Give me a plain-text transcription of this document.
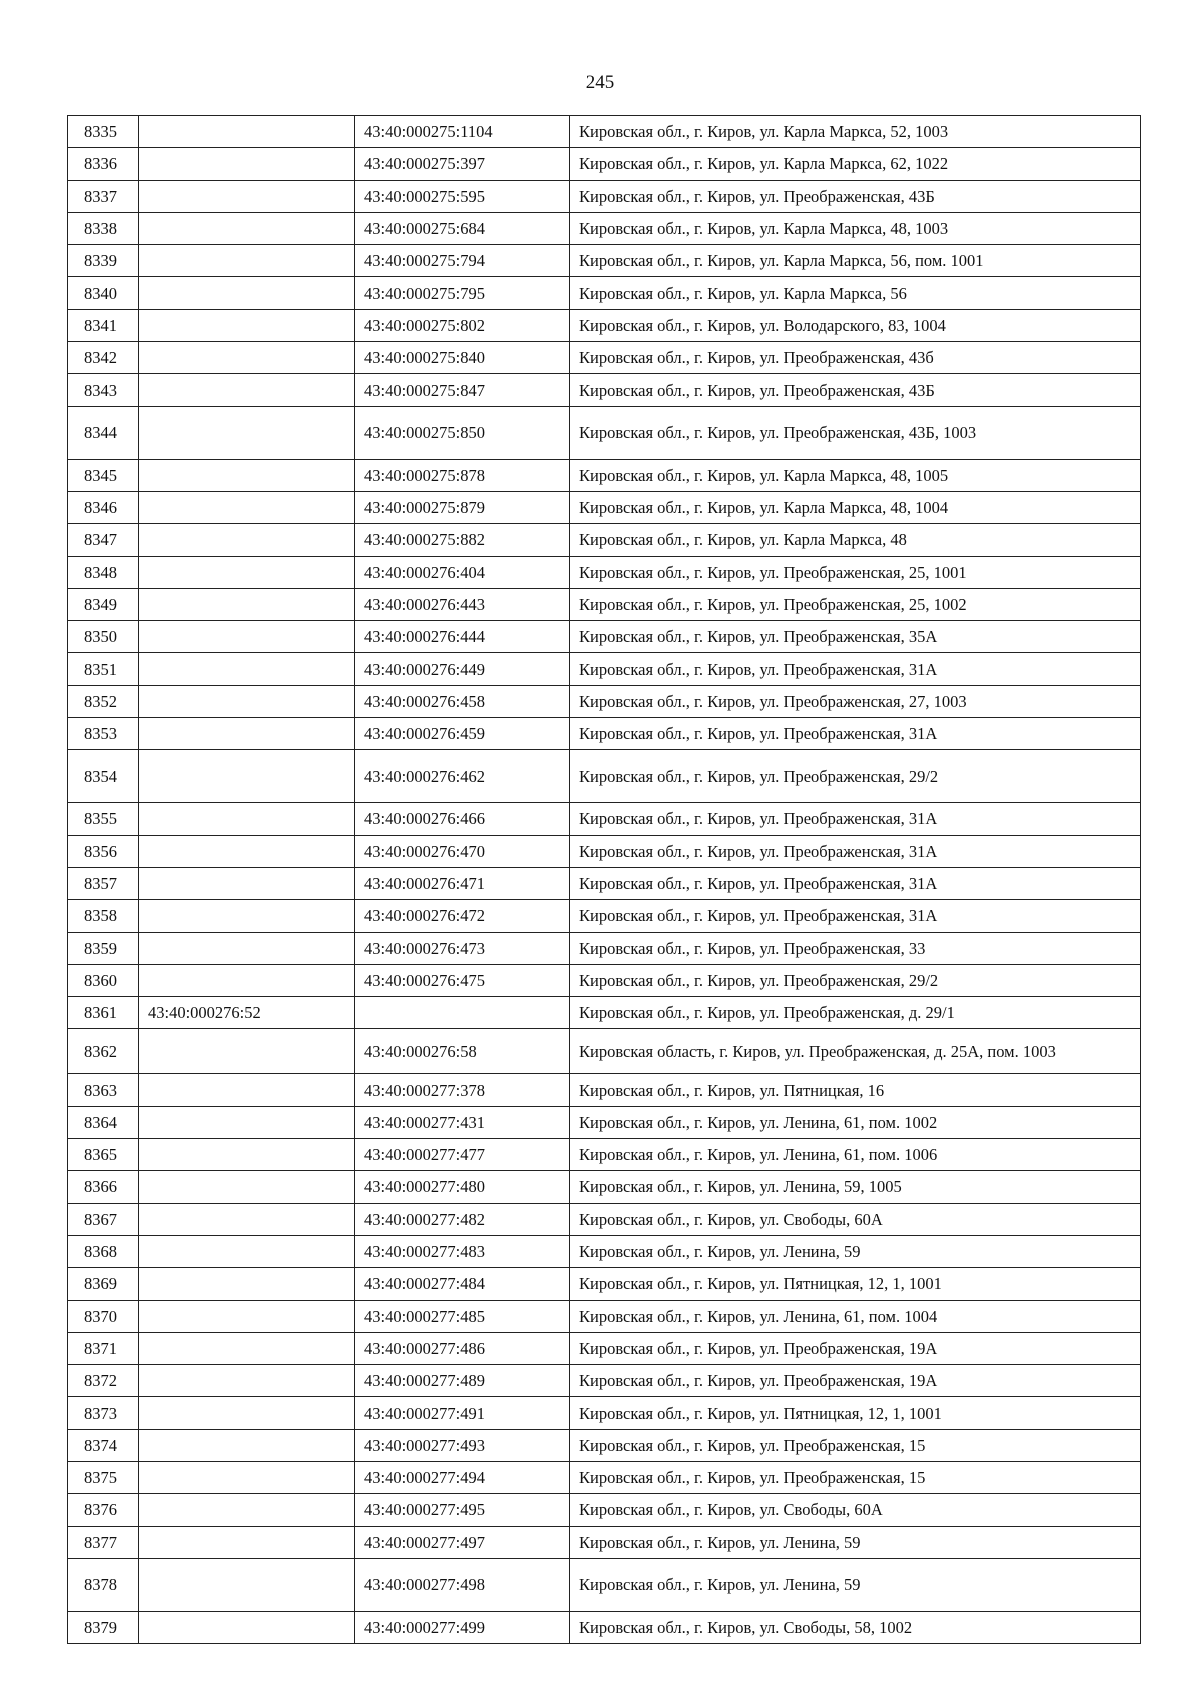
245
8335		43:40:000275:1104	Кировская обл., г. Киров, ул. Карла Маркса, 52, 1003
8336		43:40:000275:397	Кировская обл., г. Киров, ул. Карла Маркса, 62, 1022
8337		43:40:000275:595	Кировская обл., г. Киров, ул. Преображенская, 43Б
8338		43:40:000275:684	Кировская обл., г. Киров, ул. Карла Маркса, 48, 1003
8339		43:40:000275:794	Кировская обл., г. Киров, ул. Карла Маркса, 56, пом. 1001
8340		43:40:000275:795	Кировская обл., г. Киров, ул. Карла Маркса, 56
8341		43:40:000275:802	Кировская обл., г. Киров, ул. Володарского, 83, 1004
8342		43:40:000275:840	Кировская обл., г. Киров, ул. Преображенская, 43б
8343		43:40:000275:847	Кировская обл., г. Киров, ул. Преображенская, 43Б
8344		43:40:000275:850	Кировская обл., г. Киров, ул. Преображенская, 43Б, 1003
8345		43:40:000275:878	Кировская обл., г. Киров, ул. Карла Маркса, 48, 1005
8346		43:40:000275:879	Кировская обл., г. Киров, ул. Карла Маркса, 48, 1004
8347		43:40:000275:882	Кировская обл., г. Киров, ул. Карла Маркса, 48
8348		43:40:000276:404	Кировская обл., г. Киров, ул. Преображенская, 25, 1001
8349		43:40:000276:443	Кировская обл., г. Киров, ул. Преображенская, 25, 1002
8350		43:40:000276:444	Кировская обл., г. Киров, ул. Преображенская, 35А
8351		43:40:000276:449	Кировская обл., г. Киров, ул. Преображенская, 31А
8352		43:40:000276:458	Кировская обл., г. Киров, ул. Преображенская, 27, 1003
8353		43:40:000276:459	Кировская обл., г. Киров, ул. Преображенская, 31А
8354		43:40:000276:462	Кировская обл., г. Киров, ул. Преображенская, 29/2
8355		43:40:000276:466	Кировская обл., г. Киров, ул. Преображенская, 31А
8356		43:40:000276:470	Кировская обл., г. Киров, ул. Преображенская, 31А
8357		43:40:000276:471	Кировская обл., г. Киров, ул. Преображенская, 31А
8358		43:40:000276:472	Кировская обл., г. Киров, ул. Преображенская, 31А
8359		43:40:000276:473	Кировская обл., г. Киров, ул. Преображенская, 33
8360		43:40:000276:475	Кировская обл., г. Киров, ул. Преображенская, 29/2
8361	43:40:000276:52		Кировская обл., г. Киров, ул. Преображенская, д. 29/1
8362		43:40:000276:58	Кировская область, г. Киров, ул. Преображенская, д. 25А, пом. 1003
8363		43:40:000277:378	Кировская обл., г. Киров, ул. Пятницкая, 16
8364		43:40:000277:431	Кировская обл., г. Киров, ул. Ленина, 61, пом. 1002
8365		43:40:000277:477	Кировская обл., г. Киров, ул. Ленина, 61, пом. 1006
8366		43:40:000277:480	Кировская обл., г. Киров, ул. Ленина, 59, 1005
8367		43:40:000277:482	Кировская обл., г. Киров, ул. Свободы, 60А
8368		43:40:000277:483	Кировская обл., г. Киров, ул. Ленина, 59
8369		43:40:000277:484	Кировская обл., г. Киров, ул. Пятницкая, 12, 1, 1001
8370		43:40:000277:485	Кировская обл., г. Киров, ул. Ленина, 61, пом. 1004
8371		43:40:000277:486	Кировская обл., г. Киров, ул. Преображенская, 19А
8372		43:40:000277:489	Кировская обл., г. Киров, ул. Преображенская, 19А
8373		43:40:000277:491	Кировская обл., г. Киров, ул. Пятницкая, 12, 1, 1001
8374		43:40:000277:493	Кировская обл., г. Киров, ул. Преображенская, 15
8375		43:40:000277:494	Кировская обл., г. Киров, ул. Преображенская, 15
8376		43:40:000277:495	Кировская обл., г. Киров, ул. Свободы, 60А
8377		43:40:000277:497	Кировская обл., г. Киров, ул. Ленина, 59
8378		43:40:000277:498	Кировская обл., г. Киров, ул. Ленина, 59
8379		43:40:000277:499	Кировская обл., г. Киров, ул. Свободы, 58, 1002
